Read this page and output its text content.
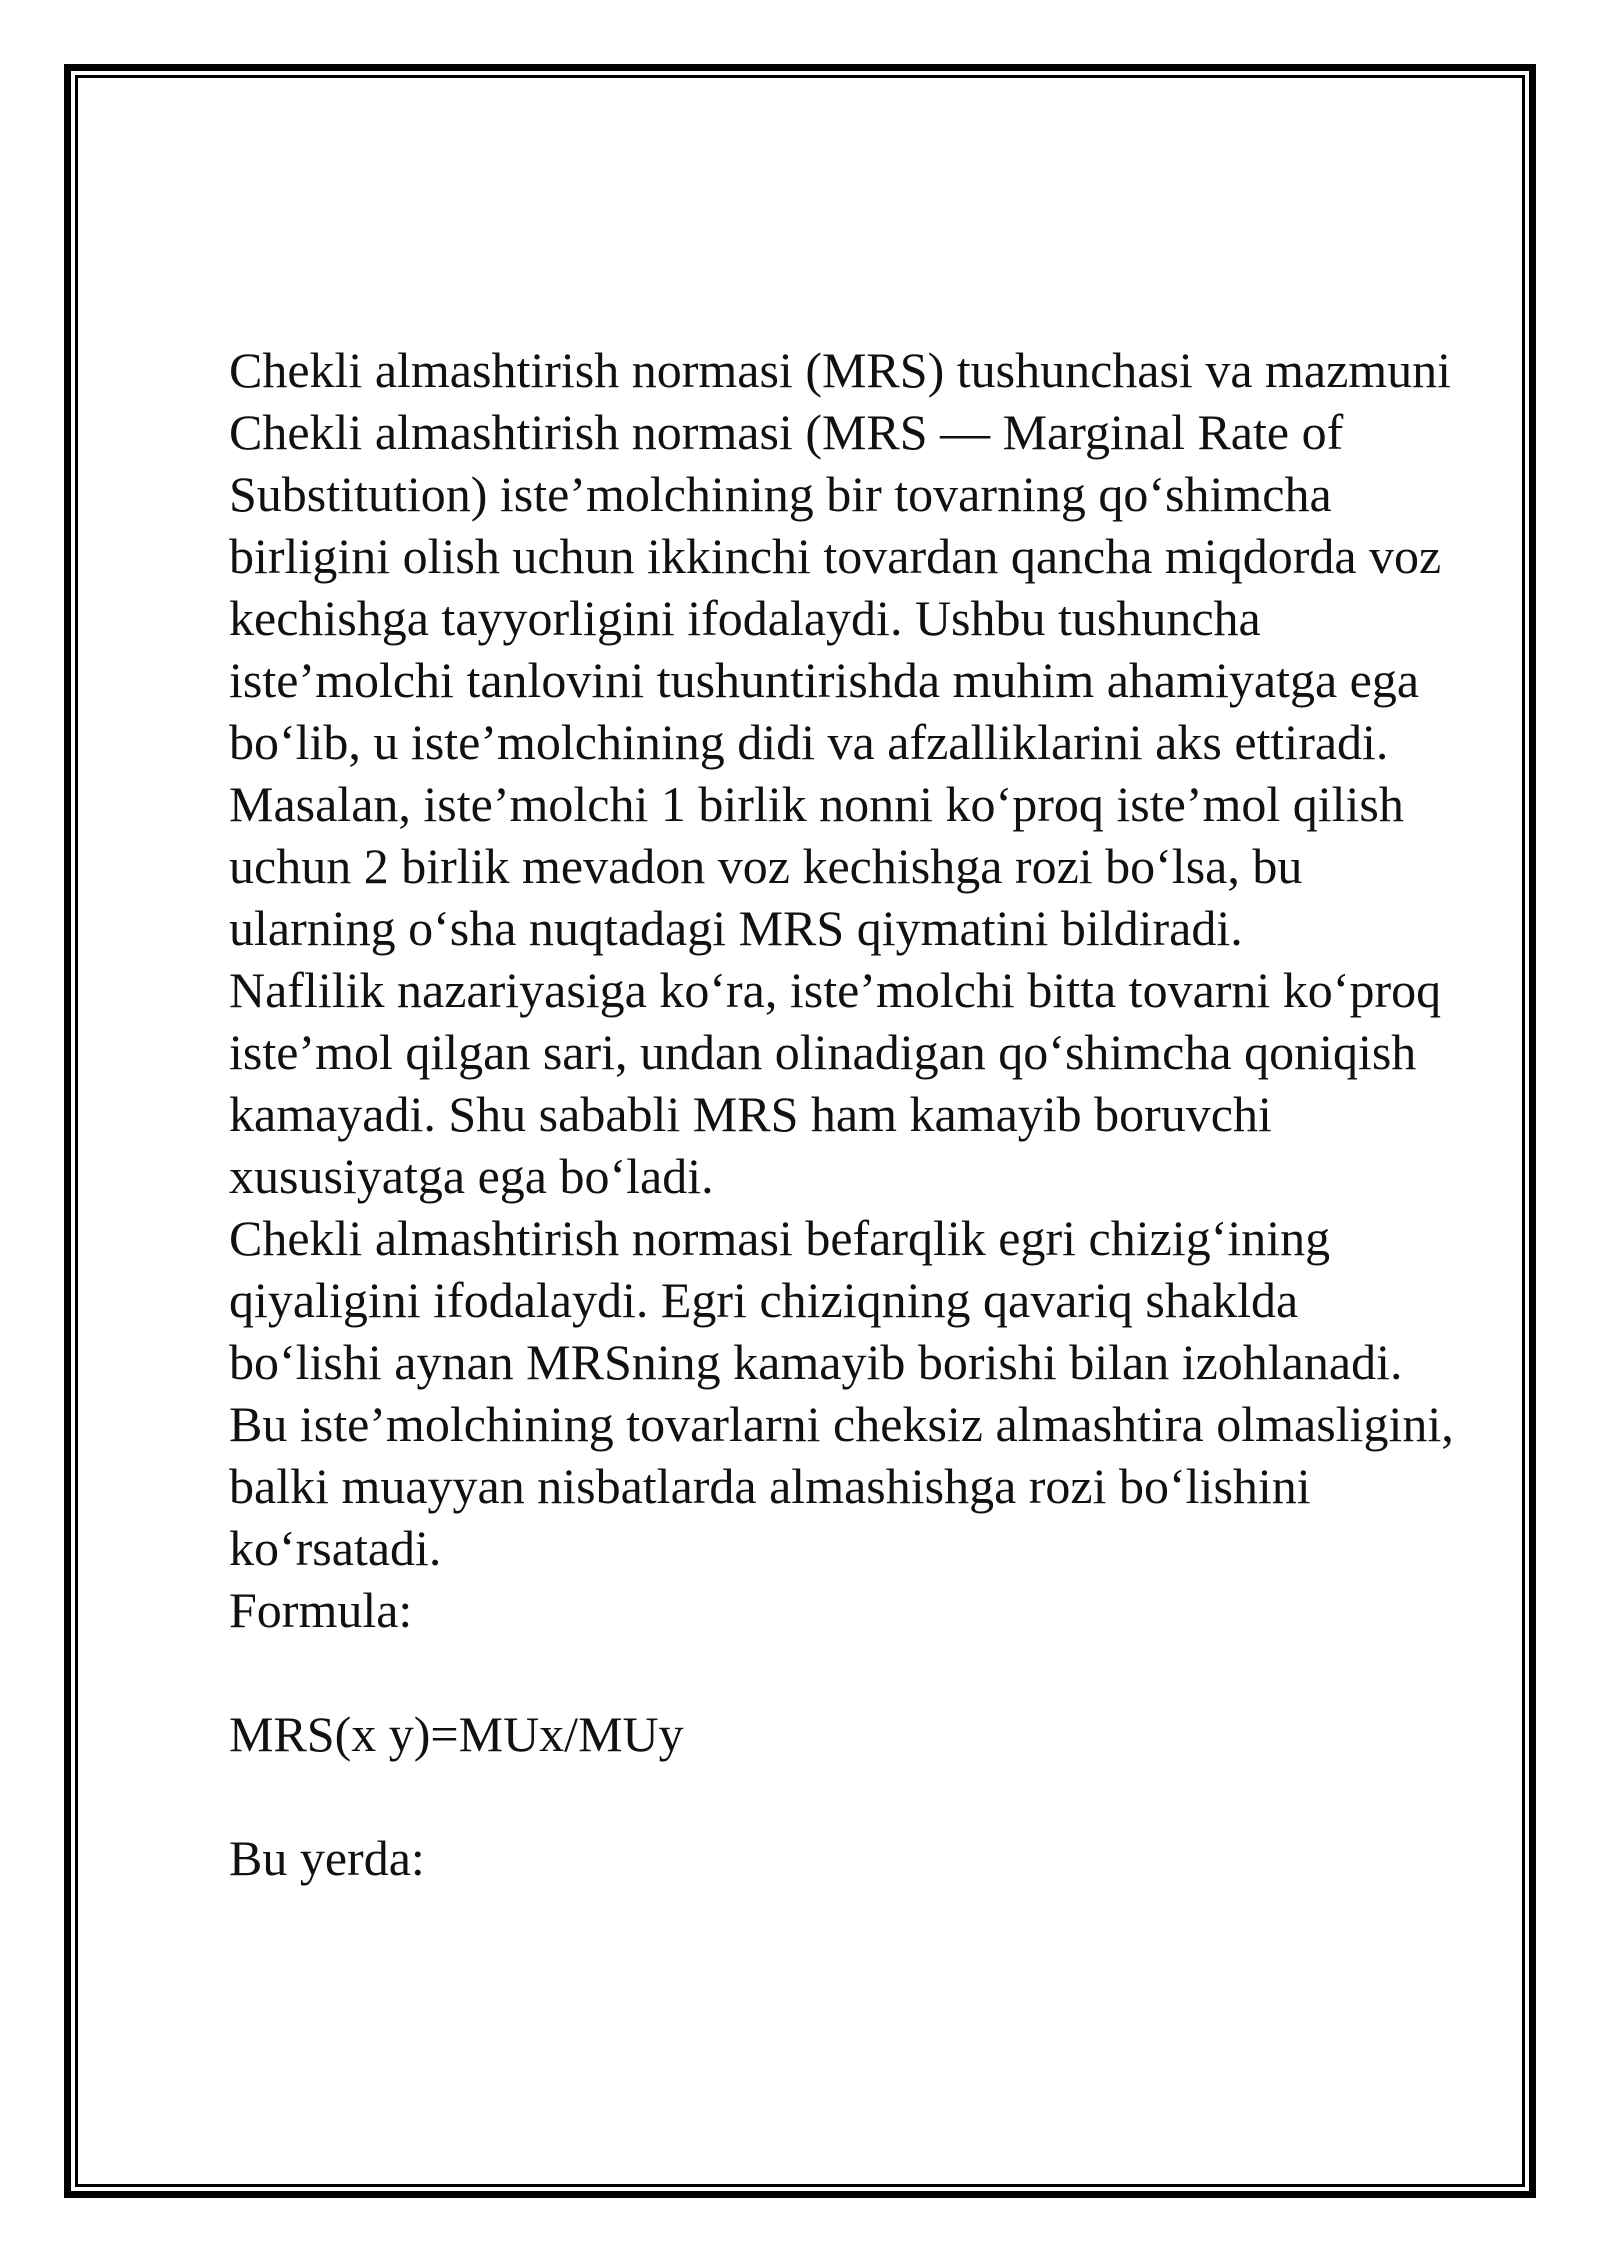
Chekli almashtirish normasi (MRS) tushunchasi va mazmuni

Chekli almashtirish normasi (MRS — Marginal Rate of Substitution) iste’molchining bir tovarning qo‘shimcha birligini olish uchun ikkinchi tovardan qancha miqdorda voz kechishga tayyorligini ifodalaydi. Ushbu tushuncha iste’molchi tanlovini tushuntirishda muhim ahamiyatga ega bo‘lib, u iste’molchining didi va afzalliklarini aks ettiradi.

Masalan, iste’molchi 1 birlik nonni ko‘proq iste’mol qilish uchun 2 birlik mevadon voz kechishga rozi bo‘lsa, bu ularning o‘sha nuqtadagi MRS qiymatini bildiradi.

Naflilik nazariyasiga ko‘ra, iste’molchi bitta tovarni ko‘proq iste’mol qilgan sari, undan olinadigan qo‘shimcha qoniqish kamayadi. Shu sababli MRS ham kamayib boruvchi xususiyatga ega bo‘ladi.

Chekli almashtirish normasi befarqlik egri chizig‘ining qiyaligini ifodalaydi. Egri chiziqning qavariq shaklda bo‘lishi aynan MRSning kamayib borishi bilan izohlanadi. Bu iste’molchining tovarlarni cheksiz almashtira olmasligini, balki muayyan nisbatlarda almashishga rozi bo‘lishini ko‘rsatadi.

Formula:

MRS(x y)=MUx/MUy

Bu yerda:
